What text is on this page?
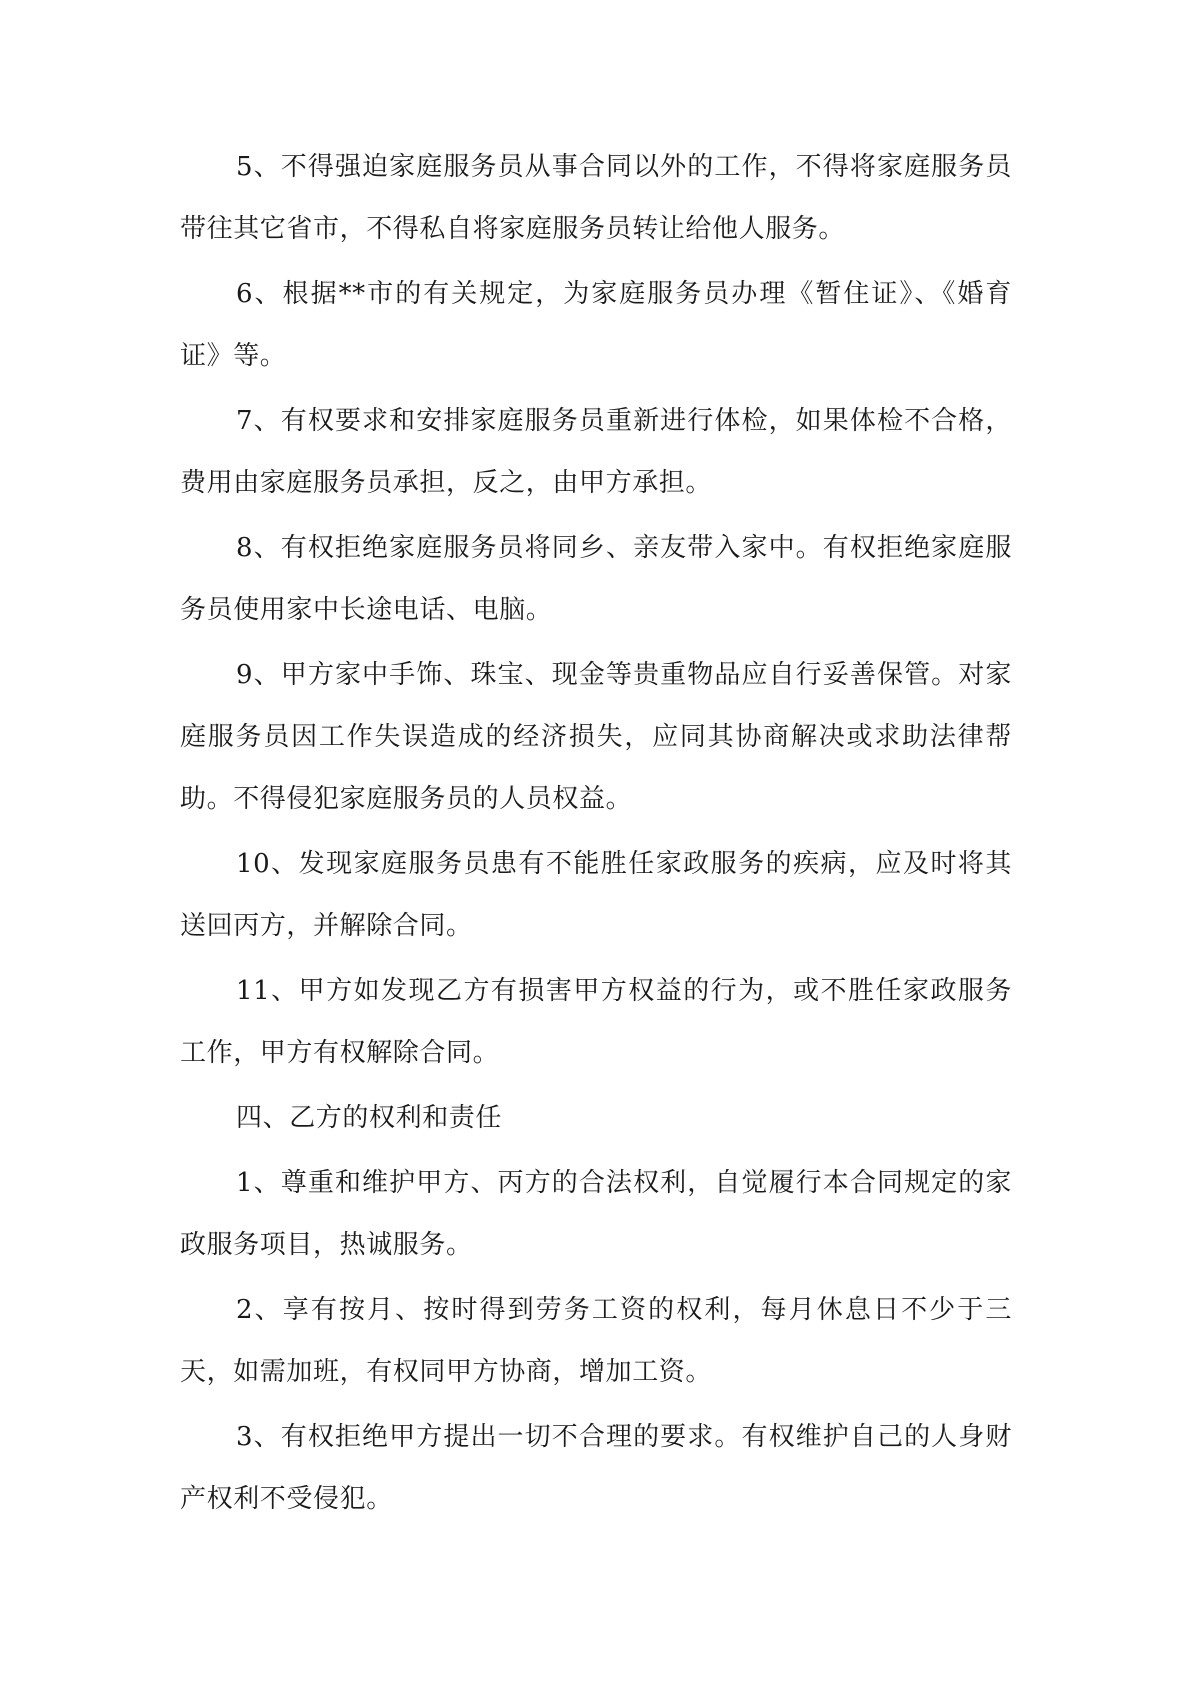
5、不得强迫家庭服务员从事合同以外的工作，不得将家庭服务员带往其它省市，不得私自将家庭服务员转让给他人服务。

6、根据**市的有关规定，为家庭服务员办理《暂住证》、《婚育证》等。

7、有权要求和安排家庭服务员重新进行体检，如果体检不合格，费用由家庭服务员承担，反之，由甲方承担。

8、有权拒绝家庭服务员将同乡、亲友带入家中。有权拒绝家庭服务员使用家中长途电话、电脑。

9、甲方家中手饰、珠宝、现金等贵重物品应自行妥善保管。对家庭服务员因工作失误造成的经济损失，应同其协商解决或求助法律帮助。不得侵犯家庭服务员的人员权益。

10、发现家庭服务员患有不能胜任家政服务的疾病，应及时将其送回丙方，并解除合同。

11、甲方如发现乙方有损害甲方权益的行为，或不胜任家政服务工作，甲方有权解除合同。

四、乙方的权利和责任

1、尊重和维护甲方、丙方的合法权利，自觉履行本合同规定的家政服务项目，热诚服务。

2、享有按月、按时得到劳务工资的权利，每月休息日不少于三天，如需加班，有权同甲方协商，增加工资。

3、有权拒绝甲方提出一切不合理的要求。有权维护自己的人身财产权利不受侵犯。
